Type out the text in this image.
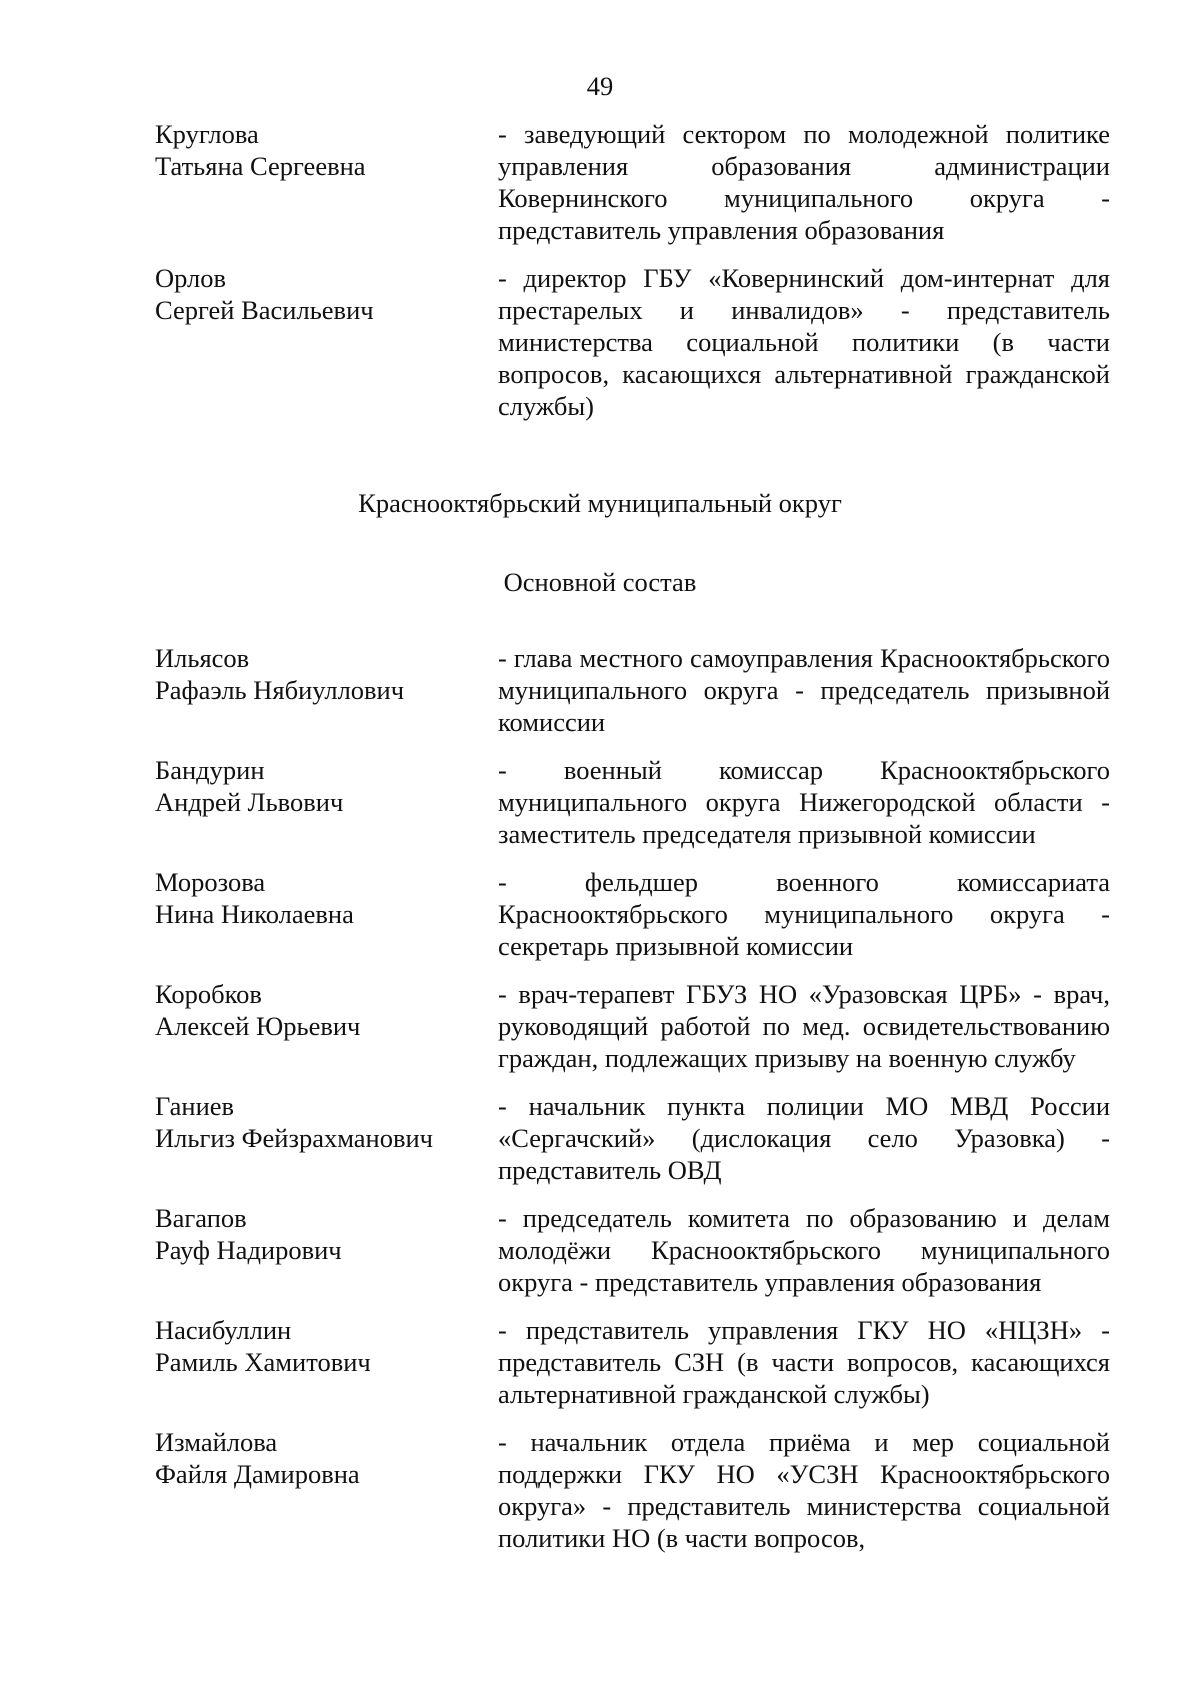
49
Круглова
Татьяна Сергеевна
- заведующий сектором по молодежной политике управления образования администрации Ковернинского муниципального округа - представитель управления образования
Орлов
Сергей Васильевич
- директор ГБУ «Ковернинский дом-интернат для престарелых и инвалидов» - представитель министерства социальной политики (в части вопросов, касающихся альтернативной гражданской службы)
Краснооктябрьский муниципальный округ
Основной состав
Ильясов
Рафаэль Нябиуллович
- глава местного самоуправления Краснооктябрьского муниципального округа - председатель призывной комиссии
Бандурин
Андрей Львович
- военный комиссар Краснооктябрьского муниципального округа Нижегородской области - заместитель председателя призывной комиссии
Морозова
Нина Николаевна
- фельдшер военного комиссариата Краснооктябрьского муниципального округа - секретарь призывной комиссии
Коробков
Алексей Юрьевич
- врач-терапевт ГБУЗ НО «Уразовская ЦРБ» - врач, руководящий работой по мед. освидетельствованию граждан, подлежащих призыву на военную службу
Ганиев
Ильгиз Фейзрахманович
- начальник пункта полиции МО МВД России «Сергачский» (дислокация село Уразовка) - представитель ОВД
Вагапов
Рауф Надирович
- председатель комитета по образованию и делам молодёжи Краснооктябрьского муниципального округа - представитель управления образования
Насибуллин
Рамиль Хамитович
- представитель управления ГКУ НО «НЦЗН» - представитель СЗН (в части вопросов, касающихся альтернативной гражданской службы)
Измайлова
Файля Дамировна
- начальник отдела приёма и мер социальной поддержки ГКУ НО «УСЗН Краснооктябрьского округа» - представитель министерства социальной политики НО (в части вопросов,
